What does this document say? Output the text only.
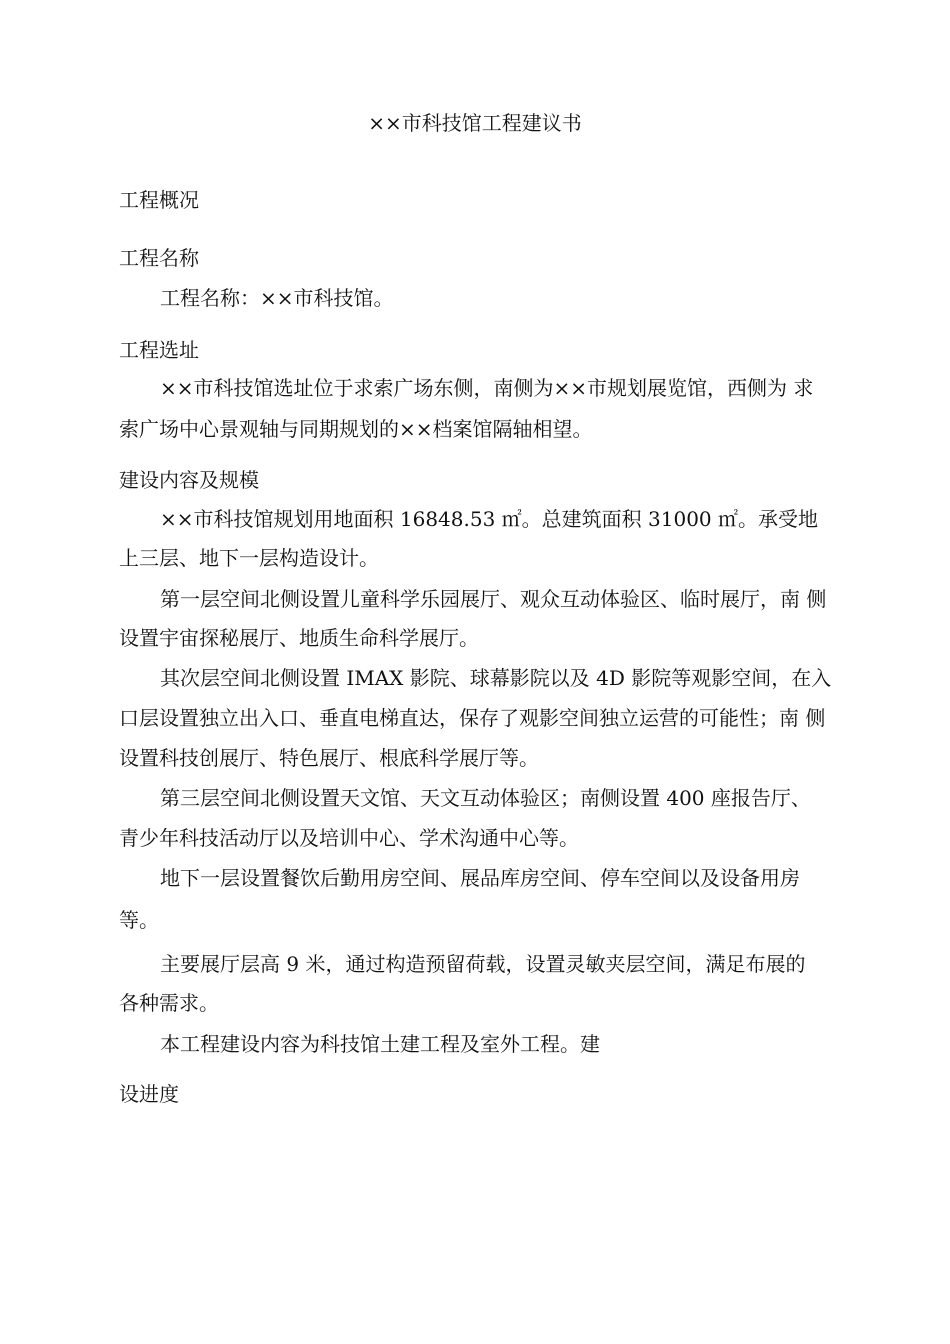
××市科技馆工程建议书
工程概况
工程名称
工程名称：××市科技馆。
工程选址
××市科技馆选址位于求索广场东侧，南侧为××市规划展览馆，西侧为 求
索广场中心景观轴与同期规划的××档案馆隔轴相望。
建设内容及规模
××市科技馆规划用地面积 16848.53 ㎡。总建筑面积 31000 ㎡。承受地
上三层、地下一层构造设计。
第一层空间北侧设置儿童科学乐园展厅、观众互动体验区、临时展厅，南 侧
设置宇宙探秘展厅、地质生命科学展厅。
其次层空间北侧设置 IMAX 影院、球幕影院以及 4D 影院等观影空间，在入
口层设置独立出入口、垂直电梯直达，保存了观影空间独立运营的可能性；南 侧
设置科技创展厅、特色展厅、根底科学展厅等。
第三层空间北侧设置天文馆、天文互动体验区；南侧设置 400 座报告厅、
青少年科技活动厅以及培训中心、学术沟通中心等。
地下一层设置餐饮后勤用房空间、展品库房空间、停车空间以及设备用房
等。
主要展厅层高 9 米，通过构造预留荷载，设置灵敏夹层空间，满足布展的
各种需求。
本工程建设内容为科技馆土建工程及室外工程。建
设进度
